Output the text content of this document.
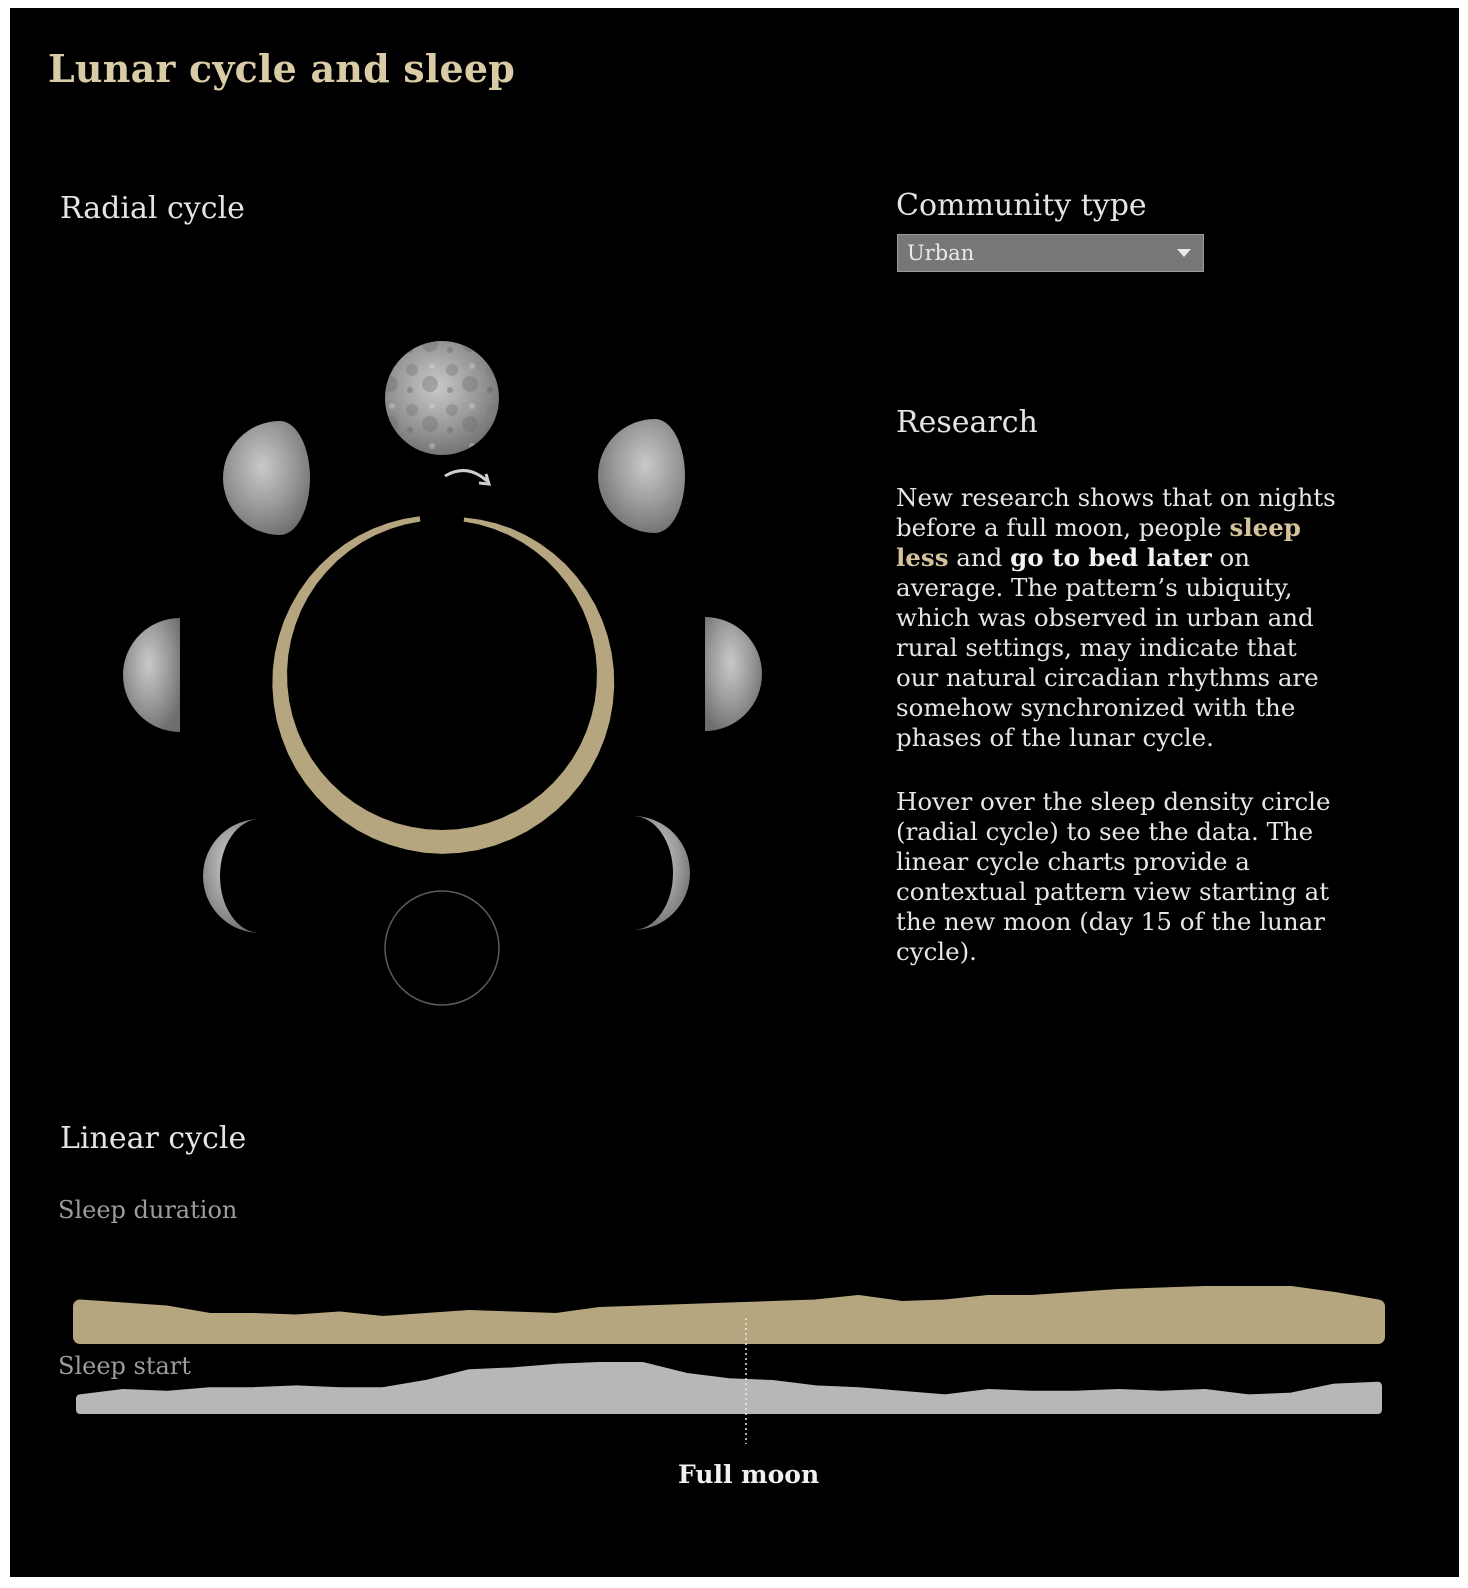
Lunar cycle and sleep
Radial cycle	Community type
Urban
Research

New research shows that on nights before a full moon, people sleep less and go to bed later on average. The pattern’s ubiquity, which was observed in urban and rural settings, may indicate that our natural circadian rhythms are somehow synchronized with the phases of the lunar cycle.

Hover over the sleep density circle (radial cycle) to see the data. The linear cycle charts provide a contextual pattern view starting at the new moon (day 15 of the lunar cycle).

Linear cycle

Sleep duration

Sleep start

Full moon
